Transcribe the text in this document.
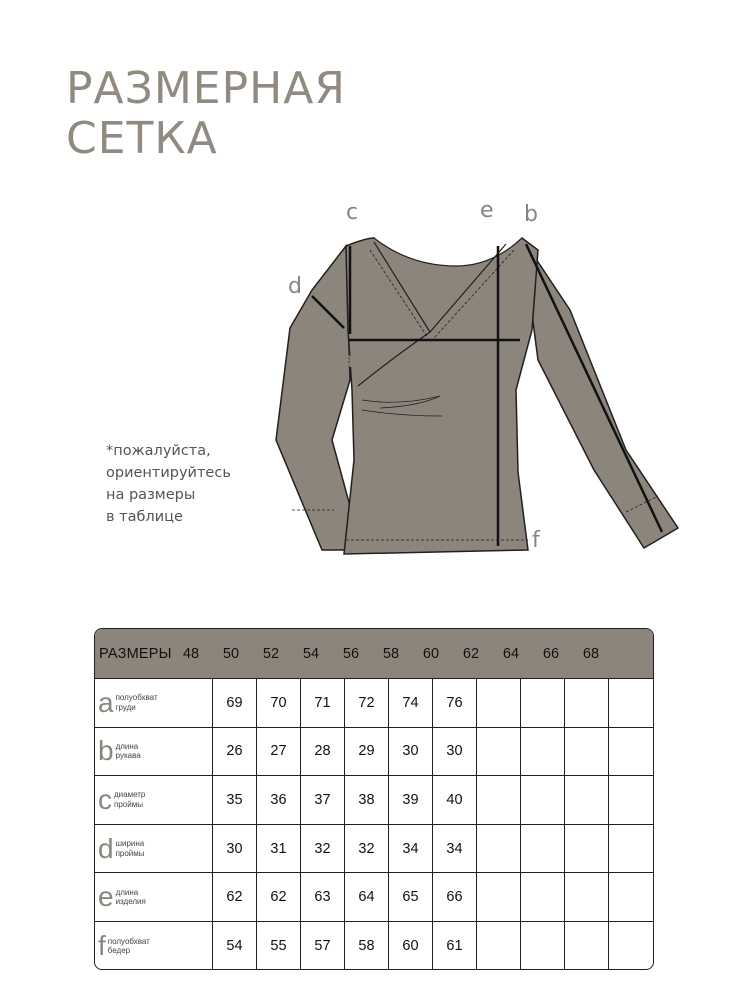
РАЗМЕРНАЯ
СЕТКА
*пожалуйста,
ориентируйтесь
на размеры
в таблице
c	e b
d
a
f
РАЗМЕРЫ 48	50	52	54	56	58	60	62	64	66	68
a полуобхват
груди	69	70	71	72	74	76
b длина
рукава	26	27	28	29	30	30
c диаметр
проймы	35	36	37	38	39	40
d ширина
проймы	30	31	32	32	34	34
e длина
изделия	62	62	63	64	65	66
f полуобхват
бедер	54	55	57	58	60	61
